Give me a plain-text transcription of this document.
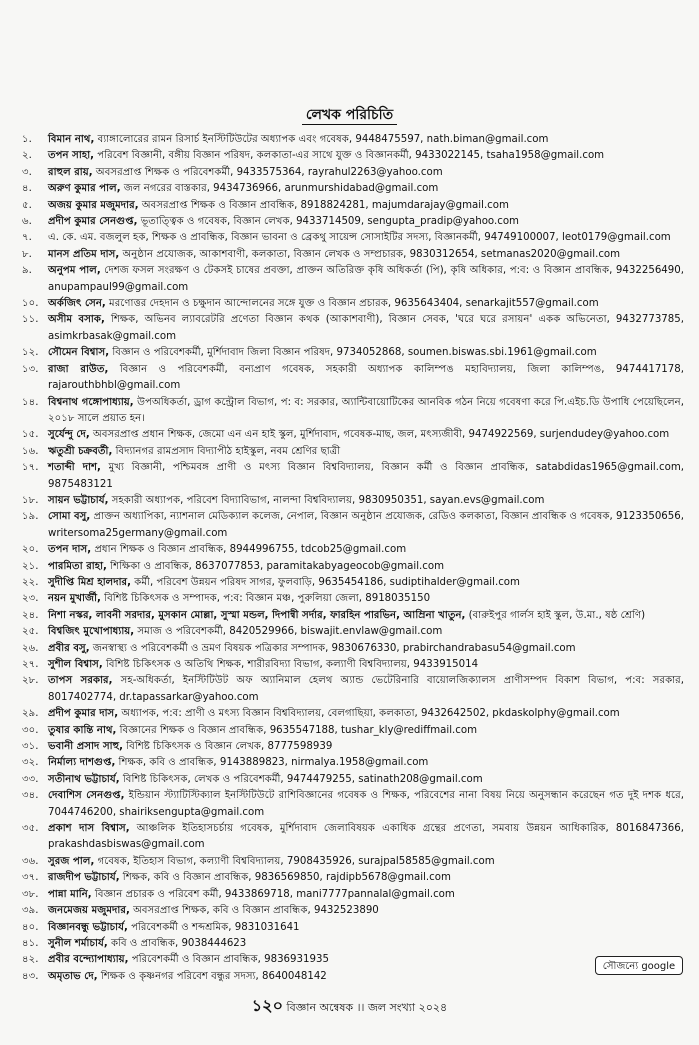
লেখক পরিচিতি
১.	বিমান নাথ, ব্যাঙ্গালোরের রামন রিসার্চ ইনস্টিটিউটের অধ্যাপক এবং গবেষক, 9448475597, nath.biman@gmail.com
২.	তপন সাহা, পরিবেশ বিজ্ঞানী, বঙ্গীয় বিজ্ঞান পরিষদ, কলকাতা-এর সাথে যুক্ত ও বিজ্ঞানকর্মী, 9433022145, tsaha1958@gmail.com
৩.	রাহুল রায়, অবসরপ্রাপ্ত শিক্ষক ও পরিবেশকর্মী, 9433575364, rayrahul2263@yahoo.com
৪.	অরুণ কুমার পাল, জল নগরের বাস্তকার, 9434736966, arunmurshidabad@gmail.com
৫.	অজয় কুমার মজুমদার, অবসরপ্রাপ্ত শিক্ষক ও বিজ্ঞান প্রাবন্ধিক, 8918824281, majumdarajay@gmail.com
৬.	প্রদীপ কুমার সেনগুপ্ত, ভূতাত্ত্বিক ও গবেষক, বিজ্ঞান লেখক, 9433714509, sengupta_pradip@yahoo.com
৭.	এ. কে. এম. বজলুল হক, শিক্ষক ও প্রাবন্ধিক, বিজ্ঞান ভাবনা ও ব্রেকথু সায়েন্স সোসাইটির সদস্য, বিজ্ঞানকর্মী, 94749100007, leot0179@gmail.com
৮.	মানস প্রতিম দাস, অনুষ্ঠান প্রযোজক, আকাশবাণী, কলকাতা, বিজ্ঞান লেখক ও সম্প্রচারক, 9830312654, setmanas2020@gmail.com
৯.	অনুপম পাল, দেশজ ফসল সংরক্ষণ ও টেকসই চাষের প্রবক্তা, প্রাক্তন অতিরিক্ত কৃষি অধিকর্তা (পি), কৃষি অধিকার, প:ব: ও বিজ্ঞান প্রাবন্ধিক, 9432256490, anupampaul99@gmail.com
১০. অর্কজিৎ সেন, মরণোত্তর দেহদান ও চক্ষুদান আন্দোলনের সঙ্গে যুক্ত ও বিজ্ঞান প্রচারক, 9635643404, senarkajit557@gmail.com
১১. অসীম বসাক, শিক্ষক, অভিনব ল্যাবরেটরি প্রণেতা বিজ্ঞান কথক (আকাশবাণী), বিজ্ঞান সেবক, 'ঘরে ঘরে রসায়ন' একক অভিনেতা, 9432773785, asimkrbasak@gmail.com
১২. সৌমেন বিশ্বাস, বিজ্ঞান ও পরিবেশকর্মী, মুর্শিদাবাদ জিলা বিজ্ঞান পরিষদ, 9734052868, soumen.biswas.sbi.1961@gmail.com
১৩. রাজা রাউত, বিজ্ঞান ও পরিবেশকর্মী, বন্যপ্রাণ গবেষক, সহকারী অধ্যাপক কালিম্পঙ মহাবিদ্যালয়, জিলা কালিম্পঙ, 9474417178, rajarouthbhbl@gmail.com
১৪. বিশ্বনাথ গঙ্গোপাধ্যায়, উপঅধিকর্তা, ড্রাগ কন্ট্রোল বিভাগ, প: ব: সরকার, অ্যান্টিবায়োটিকের আনবিক গঠন নিয়ে গবেষণা করে পি.এইচ.ডি উপাধি পেয়েছিলেন, ২০১৮ সালে প্রয়াত হন।
১৫. সুর্যেন্দু দে, অবসরপ্রাপ্ত প্রধান শিক্ষক, জেমো এন এন হাই স্কুল, মুর্শিদাবাদ, গবেষক-মাছ, জল, মৎস্যজীবী, 9474922569, surjendudey@yahoo.com
১৬. ঋতুশ্রী চক্রবর্তী, বিদ্যানগর রামপ্রসাদ বিদ্যাপীঠ হাইস্কুল, নবম শ্রেণির ছাত্রী
১৭. শতাব্দী দাশ, মুখ্য বিজ্ঞানী, পশ্চিমবঙ্গ প্রাণী ও মৎস্য বিজ্ঞান বিশ্ববিদ্যালয়, বিজ্ঞান কর্মী ও বিজ্ঞান প্রাবন্ধিক, satabdidas1965@gmail.com, 9875483121
১৮. সায়ন ভট্টাচার্য, সহকারী অধ্যাপক, পরিবেশ বিদ্যাবিভাগ, নালন্দা বিশ্ববিদ্যালয়, 9830950351, sayan.evs@gmail.com
১৯. সোমা বসু, প্রাক্তন অধ্যাপিকা, ন্যাশনাল মেডিক্যাল কলেজ, নেপাল, বিজ্ঞান অনুষ্ঠান প্রযোজক, রেডিও কলকাতা, বিজ্ঞান প্রাবন্ধিক ও গবেষক, 9123350656, writersoma25germany@gmail.com
২০. তপন দাস, প্রধান শিক্ষক ও বিজ্ঞান প্রাবন্ধিক, 8944996755, tdcob25@gmail.com
২১. পারমিতা রাহা, শিক্ষিকা ও প্রাবন্ধিক, 8637077853, paramitakabyageocob@gmail.com
২২. সুদীপ্তি মিশ্র হালদার, কর্মী, পরিবেশ উন্নয়ন পরিষদ সাগর, ফুলবাড়ি, 9635454186, sudiptihalder@gmail.com
২৩. নয়ন মুখার্জী, বিশিষ্ট চিকিৎসক ও সম্পাদক, প:ব: বিজ্ঞান মঞ্চ, পুরুলিয়া জেলা, 8918035150
২৪. নিশা নস্কর, লাবনী সরদার, মুসকান মোল্লা, সুস্মা মন্ডল, দিপান্বী সর্দার, ফারহিন পারভিন, আম্রিনা খাতুন, (বারুইপুর গার্লস হাই স্কুল, উ.মা., ষষ্ঠ শ্রেণি)
২৫. বিশ্বজিৎ মুখোপাধ্যায়, সমাজ ও পরিবেশকর্মী, 8420529966, biswajit.envlaw@gmail.com
২৬. প্রবীর বসু, জনস্বাস্থ্য ও পরিবেশকর্মী ও ভ্রমণ বিষয়ক পত্রিকার সম্পাদক, 9830676330, prabirchandrabasu54@gmail.com
২৭. সুশীল বিশ্বাস, বিশিষ্ট চিকিৎসক ও অতিথি শিক্ষক, শারীরবিদ্যা বিভাগ, কল্যাণী বিশ্ববিদ্যালয়, 9433915014
২৮. তাপস সরকার, সহ-অধিকর্তা, ইনস্টিটিউট অফ অ্যানিমাল হেলথ অ্যান্ড ভেটেরিনারি বায়োলজিক্যালস প্রাণীসম্পদ বিকাশ বিভাগ, প:ব: সরকার, 8017402774, dr.tapassarkar@yahoo.com
২৯. প্রদীপ কুমার দাস, অধ্যাপক, প:ব: প্রাণী ও মৎস্য বিজ্ঞান বিশ্ববিদ্যালয়, বেলগাছিয়া, কলকাতা, 9432642502, pkdaskolphy@gmail.com
৩০. তুষার কান্তি নাথ, বিজ্ঞানের শিক্ষক ও বিজ্ঞান প্রাবন্ধিক, 9635547188, tushar_kly@rediffmail.com
৩১. ভবানী প্রসাদ সাহু, বিশিষ্ট চিকিৎসক ও বিজ্ঞান লেখক, 8777598939
৩২. নির্মাল্য দাশগুপ্ত, শিক্ষক, কবি ও প্রাবন্ধিক, 9143889823, nirmalya.1958@gmail.com
৩৩. সতীনাথ ভট্টাচার্য, বিশিষ্ট চিকিৎসক, লেখক ও পরিবেশকর্মী, 9474479255, satinath208@gmail.com
৩৪. দেবাশিস সেনগুপ্ত, ইন্ডিয়ান স্ট্যাটিস্টিক্যাল ইনস্টিটিউটে রাশিবিজ্ঞানের গবেষক ও শিক্ষক, পরিবেশের নানা বিষয় নিয়ে অনুসন্ধান করেছেন গত দুই দশক ধরে, 7044746200, shairiksengupta@gmail.com
৩৫. প্রকাশ দাস বিশ্বাস, আঞ্চলিক ইতিহাসচর্চায় গবেষক, মুর্শিদাবাদ জেলাবিষয়ক একাধিক গ্রন্থের প্রণেতা, সমবায় উন্নয়ন আধিকারিক, 8016847366, prakashdasbiswas@gmail.com
৩৬. সুরজ পাল, গবেষক, ইতিহাস বিভাগ, কল্যাণী বিশ্ববিদ্যালয়, 7908435926, surajpal58585@gmail.com
৩৭. রাজদীপ ভট্টাচার্য, শিক্ষক, কবি ও বিজ্ঞান প্রাবন্ধিক, 9836569850, rajdipb5678@gmail.com
৩৮. পান্না মানি, বিজ্ঞান প্রচারক ও পরিবেশ কর্মী, 9433869718, mani7777pannalal@gmail.com
৩৯. জনমেজয় মজুমদার, অবসরপ্রাপ্ত শিক্ষক, কবি ও বিজ্ঞান প্রাবন্ধিক, 9432523890
৪০. বিজ্ঞানবন্ধু ভট্টাচার্য, পরিবেশকর্মী ও শব্দশ্রমিক, 9831031641
৪১. সুনীল শর্মাচার্য, কবি ও প্রাবন্ধিক, 9038444623
৪২. প্রবীর বন্দ্যোপাধ্যায়, পরিবেশকর্মী ও বিজ্ঞান প্রাবন্ধিক, 9836931935
৪৩. অমৃতাভ দে, শিক্ষক ও কৃষ্ণনগর পরিবেশ বন্ধুর সদস্য, 8640048142
সৌজন্যে google
১২০ বিজ্ঞান অন্বেষক ।। জল সংখ্যা ২০২৪
